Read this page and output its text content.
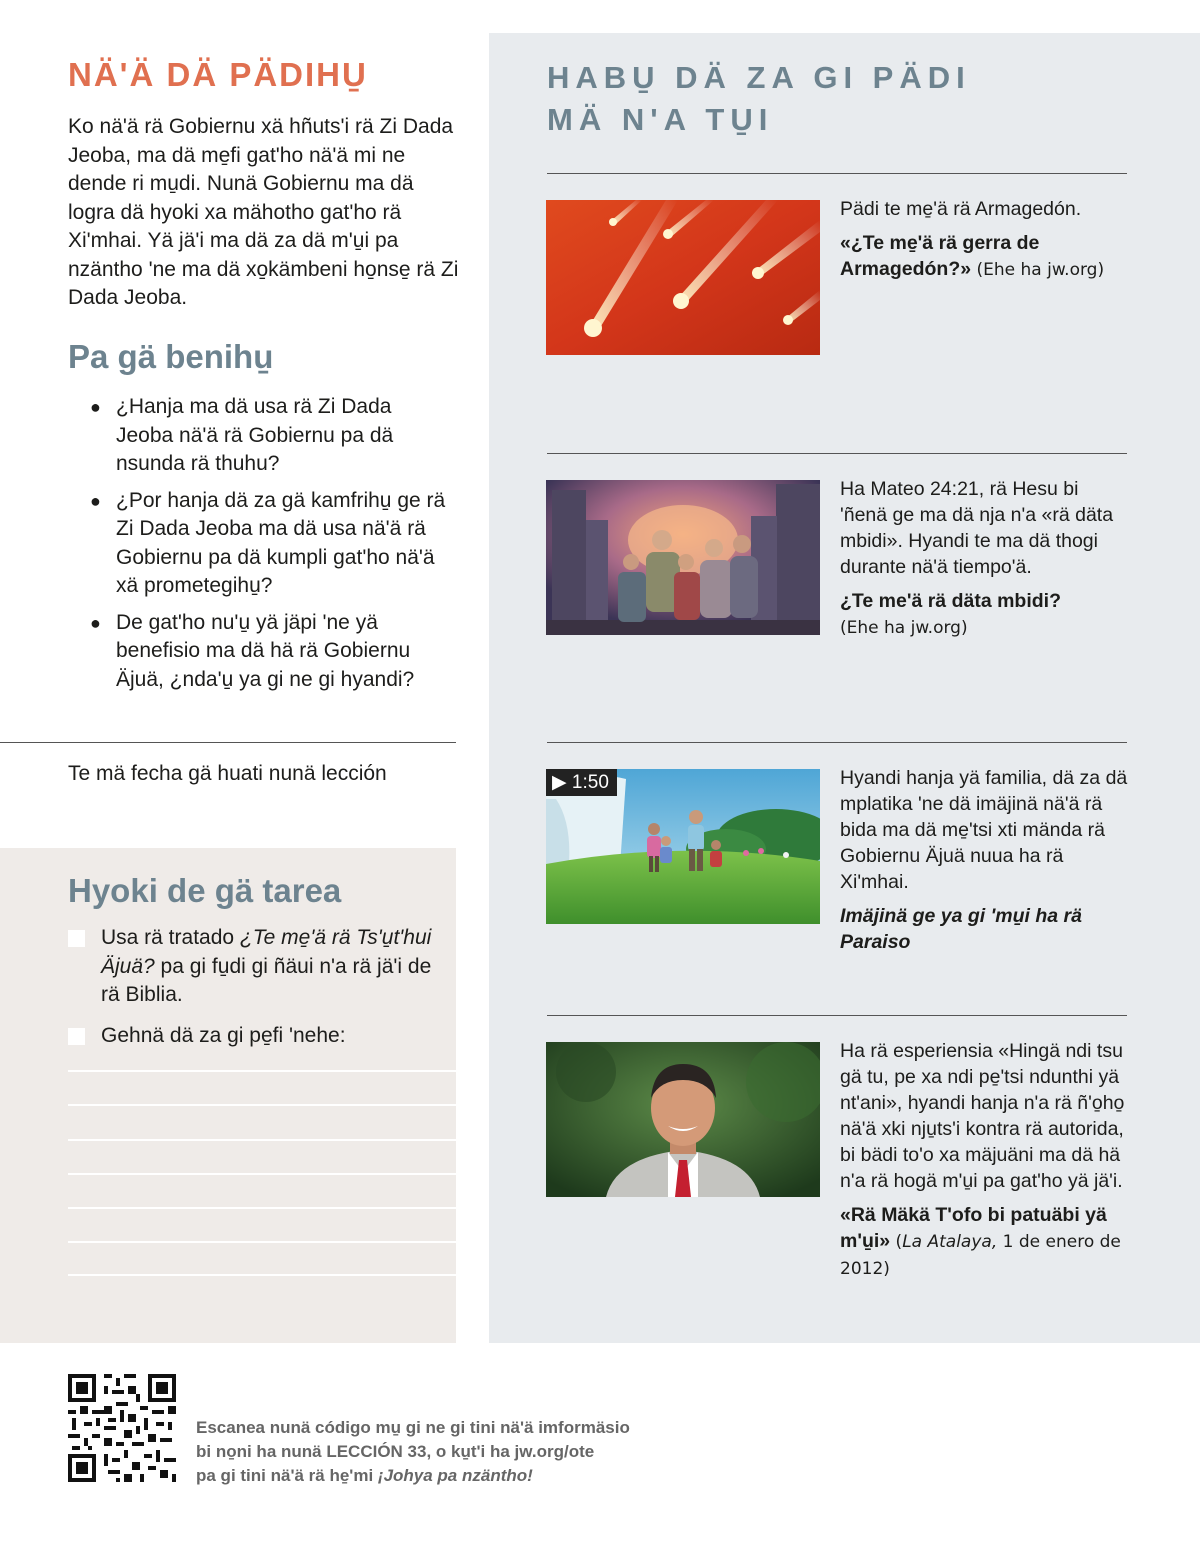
NÄ'Ä DÄ PÄDIHU̱
Ko nä'ä rä Gobiernu xä hñuts'i rä Zi Dada Jeoba, ma dä me̱fi gat'ho nä'ä mi ne dende ri mu̱di. Nunä Gobiernu ma dä logra dä hyoki xa mähotho gat'ho rä Xi'mhai. Yä jä'i ma dä za dä m'u̱i pa nzäntho 'ne ma dä xo̱kämbeni ho̱nse̱ rä Zi Dada Jeoba.
Pa gä benihu̱
● ¿Hanja ma dä usa rä Zi Dada Jeoba nä'ä rä Gobiernu pa dä nsunda rä thuhu?
● ¿Por hanja dä za gä kamfrihu̱ ge rä Zi Dada Jeoba ma dä usa nä'ä rä Gobiernu pa dä kumpli gat'ho nä'ä xä prometegihu̱?
● De gat'ho nu'u̱ yä jäpi 'ne yä benefisio ma dä hä rä Gobiernu Äjuä, ¿nda'u̱ ya gi ne gi hyandi?
Te mä fecha gä huati nunä lección
Hyoki de gä tarea
Usa rä tratado ¿Te me̱'ä rä Ts'u̱t'hui Äjuä? pa gi fu̱di gi ñäui n'a rä jä'i de rä Biblia.
Gehnä dä za gi pe̱fi 'nehe:
HABU̱ DÄ ZA GI PÄDI
MÄ N'A TU̱I

Pädi te me̱'ä rä Armagedón.

«¿Te me̱'ä rä gerra de Armagedón?» (Ehe ha jw.org)

Ha Mateo 24:21, rä Hesu bi 'ñenä ge ma dä nja n'a «rä däta mbidi». Hyandi te ma dä thogi durante nä'ä tiempo'ä.

¿Te me'ä rä däta mbidi?

(Ehe ha jw.org)

▶ 1:50	Hyandi hanja yä familia, dä za dä mplatika 'ne dä imäjinä nä'ä rä bida ma dä me̱'tsi xti mända rä Gobiernu Äjuä nuua ha rä Xi'mhai.

Imäjinä ge ya gi 'mu̱i ha rä Paraiso

Ha rä esperiensia «Hingä ndi tsu gä tu, pe xa ndi pe̱'tsi ndunthi yä nt'ani», hyandi hanja n'a rä ñ'o̱ho̱ nä'ä xki nju̱ts'i kontra rä autorida, bi bädi to'o xa mäjuäni ma dä hä n'a rä hogä m'u̱i pa gat'ho yä jä'i.

«Rä Mäkä T'ofo bi patuäbi yä m'u̱i» (La Atalaya, 1 de enero de 2012)

Escanea nunä código mu̱ gi ne gi tini nä'ä imformäsio
bi no̱ni ha nunä LECCIÓN 33, o ku̱t'i ha jw.org/ote
pa gi tini nä'ä rä he̱'mi ¡Johya pa nzäntho!
